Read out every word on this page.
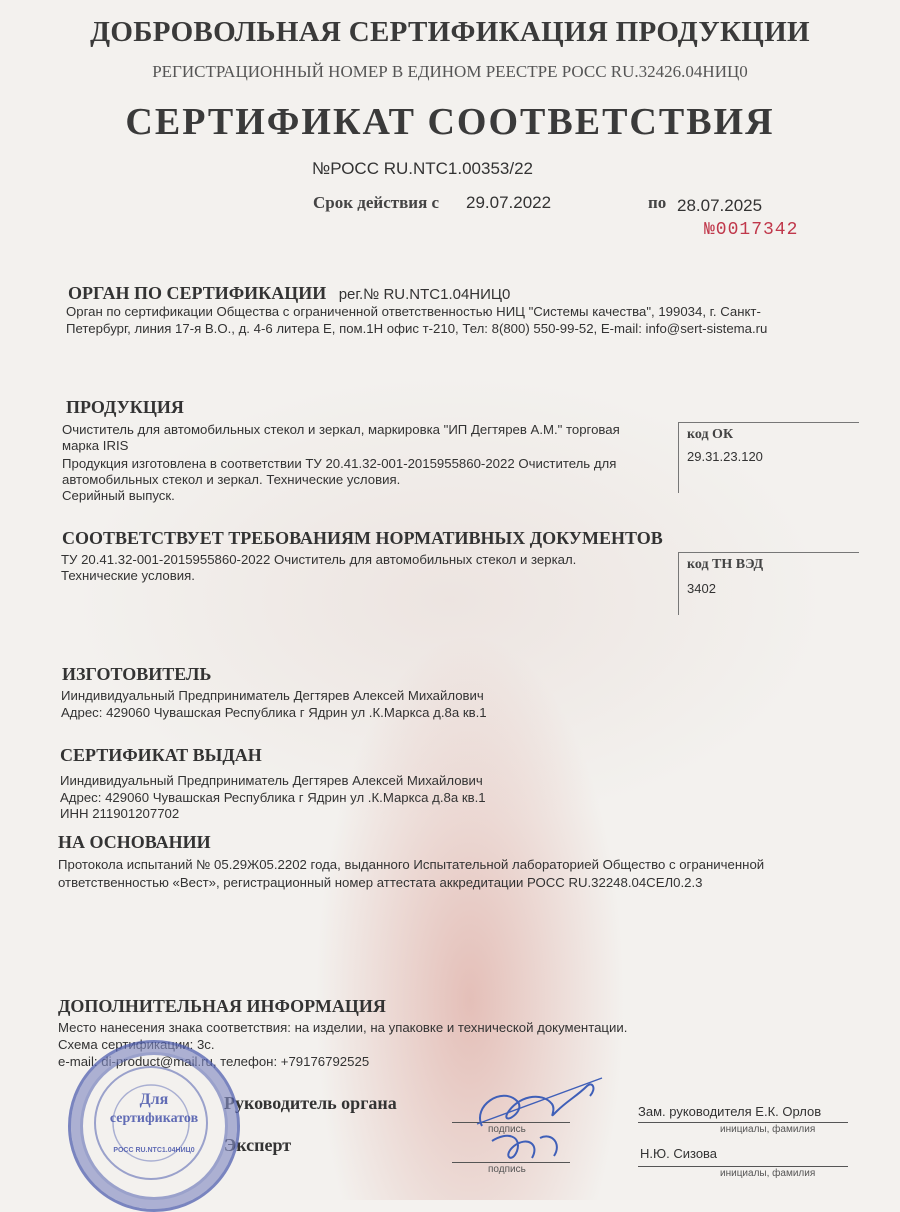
ДОБРОВОЛЬНАЯ СЕРТИФИКАЦИЯ ПРОДУКЦИИ
РЕГИСТРАЦИОННЫЙ НОМЕР В ЕДИНОМ РЕЕСТРЕ РОСС RU.32426.04НИЦ0
СЕРТИФИКАТ СООТВЕТСТВИЯ
№РОСС RU.NTC1.00353/22
Срок действия с 29.07.2022	по 28.07.2025
№0017342
ОРГАН ПО СЕРТИФИКАЦИИ рег.№ RU.NTC1.04НИЦ0
Орган по сертификации Общества с ограниченной ответственностью НИЦ "Системы качества", 199034, г. Санкт-
Петербург, линия 17-я В.О., д. 4-6 литера Е, пом.1Н офис т-210, Тел: 8(800) 550-99-52, E-mail: info@sert-sistema.ru
ПРОДУКЦИЯ
Очиститель для автомобильных стекол и зеркал, маркировка "ИП Дегтярев А.М." торговая
марка IRIS
Продукция изготовлена в соответствии ТУ 20.41.32-001-2015955860-2022 Очиститель для
автомобильных стекол и зеркал. Технические условия.
Серийный выпуск.
код ОК
29.31.23.120
СООТВЕТСТВУЕТ ТРЕБОВАНИЯМ НОРМАТИВНЫХ ДОКУМЕНТОВ
ТУ 20.41.32-001-2015955860-2022 Очиститель для автомобильных стекол и зеркал.
Технические условия.
код ТН ВЭД
3402
ИЗГОТОВИТЕЛЬ
Ииндивидуальный Предприниматель Дегтярев Алексей Михайлович
Адрес: 429060 Чувашская Республика г Ядрин ул .К.Маркса д.8а кв.1
СЕРТИФИКАТ ВЫДАН
Ииндивидуальный Предприниматель Дегтярев Алексей Михайлович
Адрес: 429060 Чувашская Республика г Ядрин ул .К.Маркса д.8а кв.1
ИНН 211901207702
НА ОСНОВАНИИ
Протокола испытаний № 05.29Ж05.2202 года, выданного Испытательной лабораторией Общество с ограниченной
ответственностью «Вест», регистрационный номер аттестата аккредитации РОСС RU.32248.04СЕЛ0.2.3
ДОПОЛНИТЕЛЬНАЯ ИНФОРМАЦИЯ
Место нанесения знака соответствия: на изделии, на упаковке и технической документации.
Схема сертификации: 3с.
e-mail: di-product@mail.ru, телефон: +79176792525
Руководитель органа
Эксперт
подпись
подпись
Зам. руководителя Е.К. Орлов
инициалы, фамилия
Н.Ю. Сизова
инициалы, фамилия
Для
сертификатов
РОСС RU.NTC1.04НИЦ0
